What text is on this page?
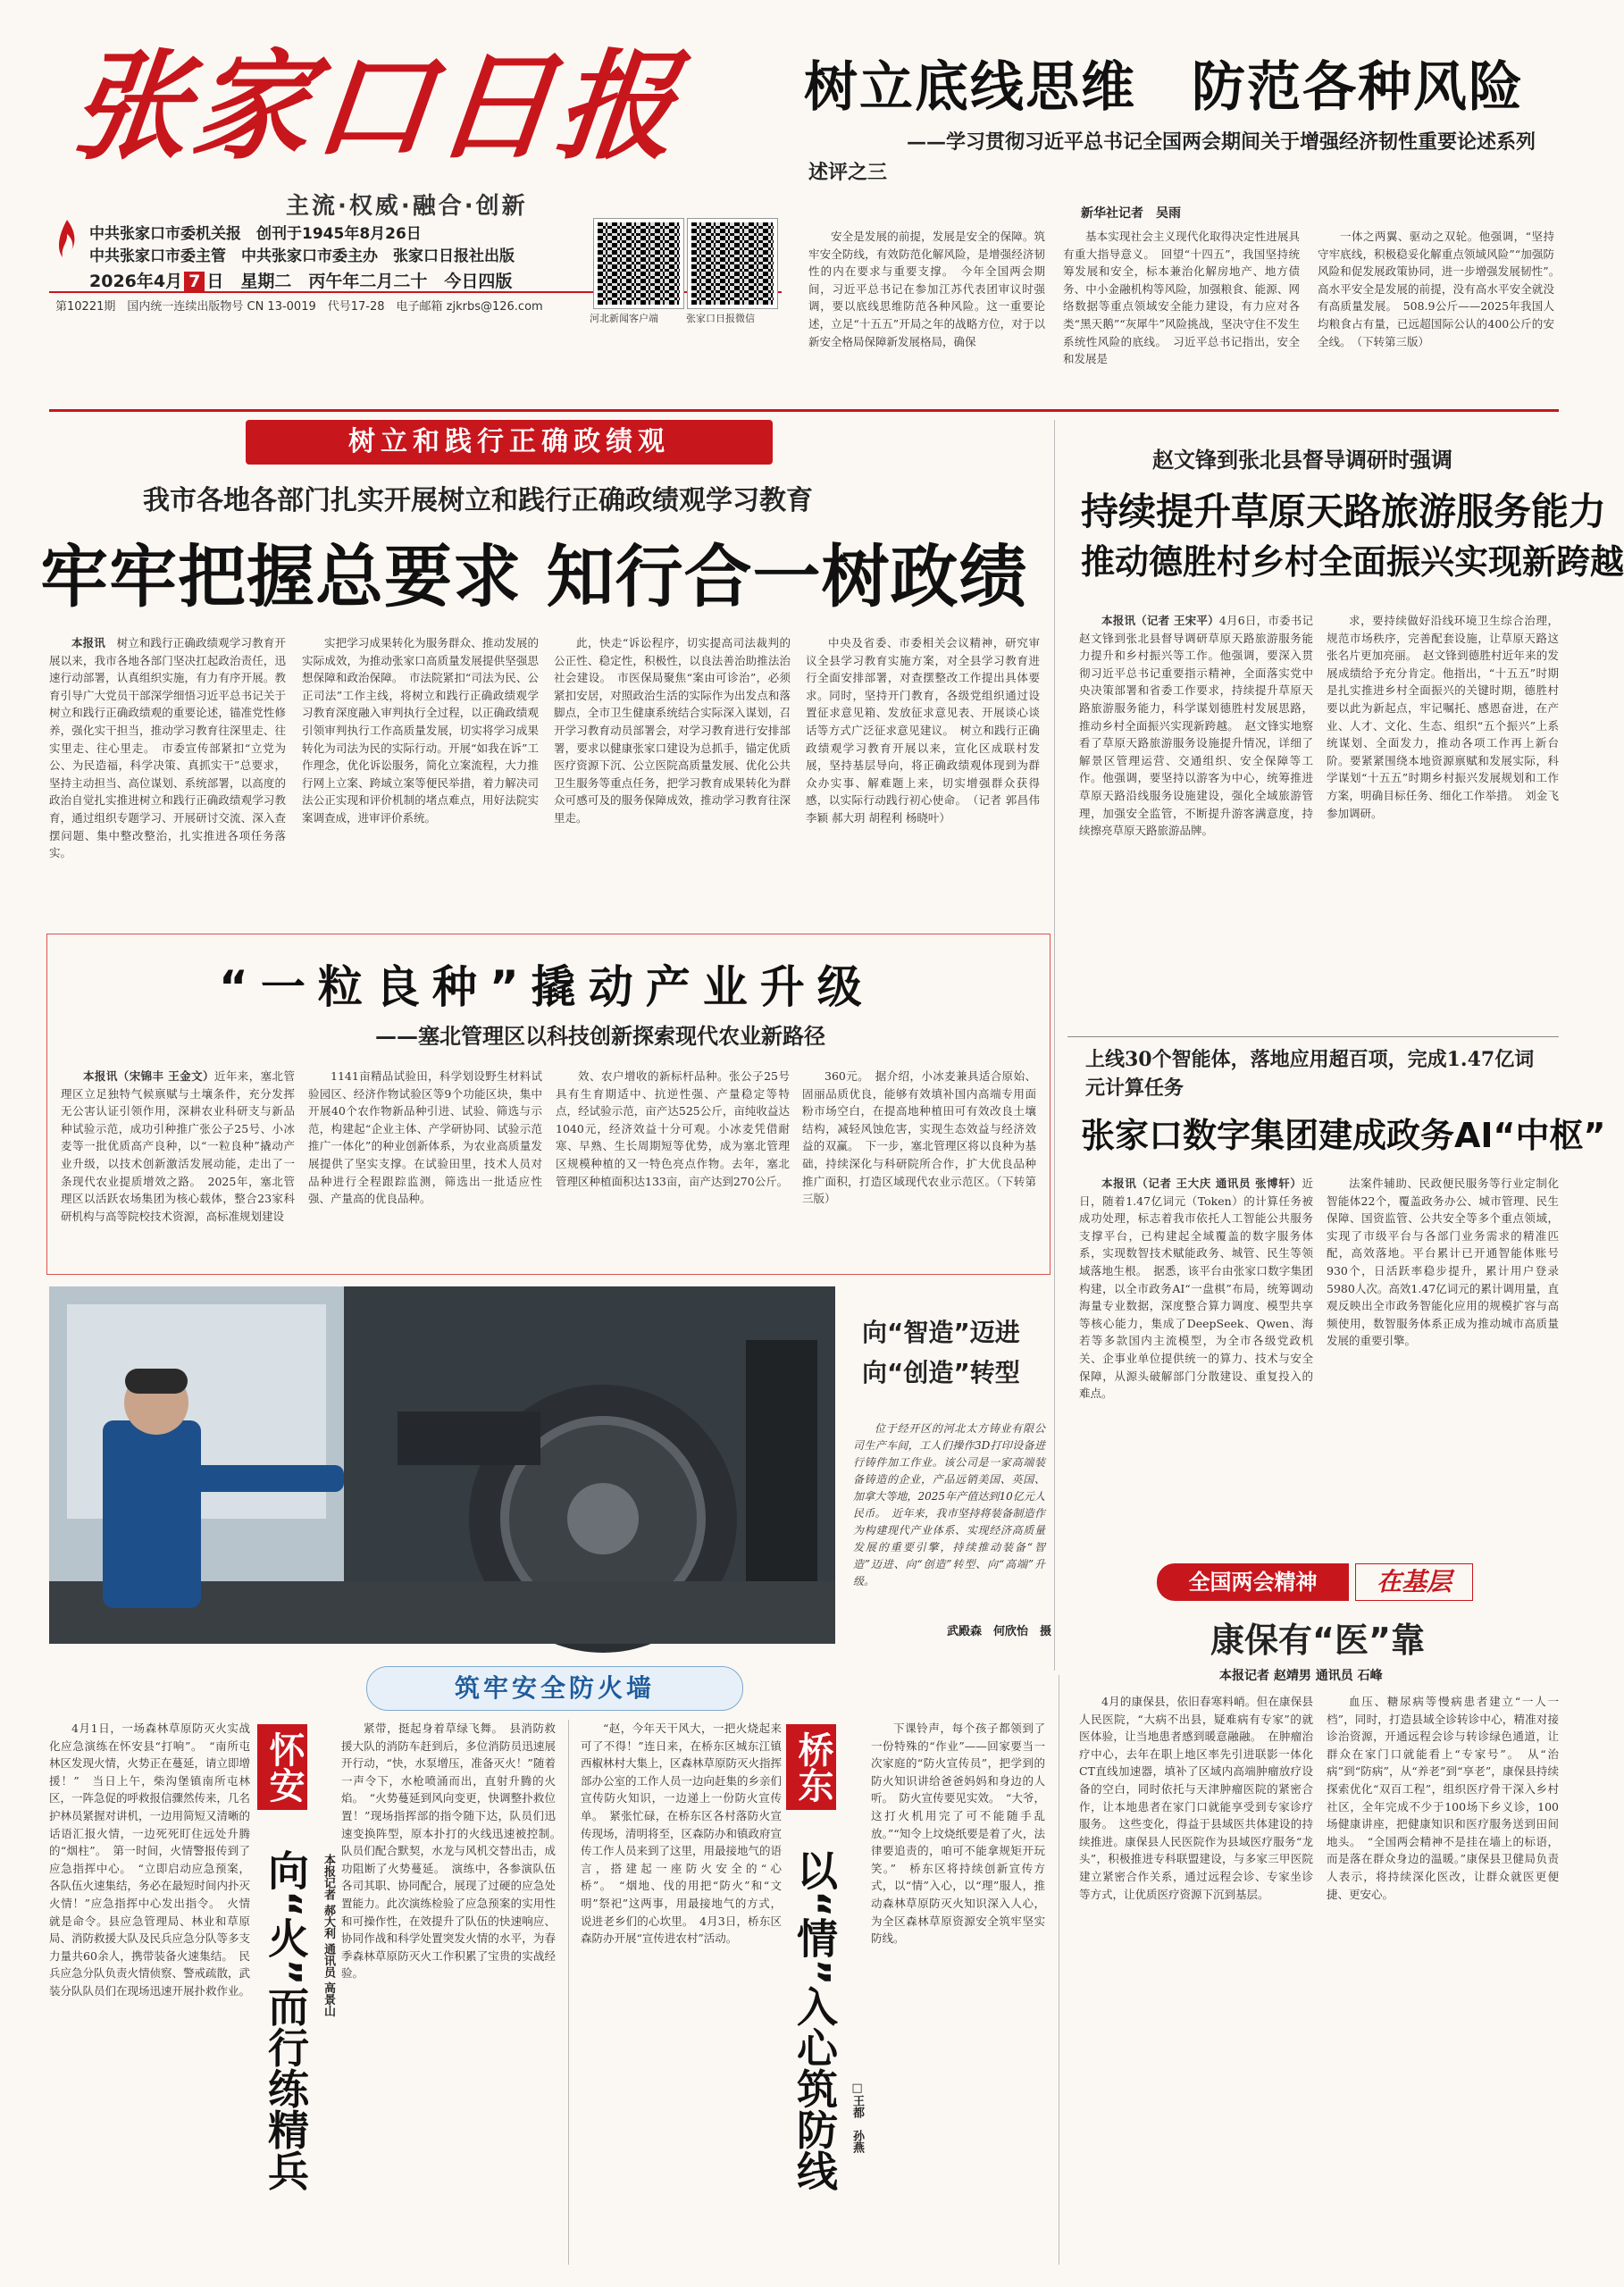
张家口日报
主流·权威·融合·创新
中共张家口市委机关报　创刊于1945年8月26日
中共张家口市委主管　中共张家口市委主办　张家口日报社出版
2026年4月 7 日　星期二　丙午年二月二十　今日四版
第10221期　国内统一连续出版物号 CN 13-0019　代号17-28　电子邮箱 zjkrbs@126.com
河北新闻客户端	张家口日报微信
树立底线思维　防范各种风险
——学习贯彻习近平总书记全国两会期间关于增强经济韧性重要论述系列述评之三
新华社记者　吴雨
安全是发展的前提，发展是安全的保障。筑牢安全防线，有效防范化解风险，是增强经济韧性的内在要求与重要支撑。　今年全国两会期间，习近平总书记在参加江苏代表团审议时强调，要以底线思维防范各种风险。这一重要论述，立足“十五五”开局之年的战略方位，对于以新安全格局保障新发展格局，确保
基本实现社会主义现代化取得决定性进展具有重大指导意义。　回望“十四五”，我国坚持统筹发展和安全，标本兼治化解房地产、地方债务、中小金融机构等风险，加强粮食、能源、网络数据等重点领域安全能力建设，有力应对各类“黑天鹅”“灰犀牛”风险挑战，坚决守住不发生系统性风险的底线。　习近平总书记指出，安全和发展是
一体之两翼、驱动之双轮。他强调，“坚持守牢底线，积极稳妥化解重点领域风险”“加强防风险和促发展政策协同，进一步增强发展韧性”。　高水平安全是发展的前提，没有高水平安全就没有高质量发展。　508.9公斤——2025年我国人均粮食占有量，已远超国际公认的400公斤的安全线。　（下转第三版）
树立和践行正确政绩观
我市各地各部门扎实开展树立和践行正确政绩观学习教育
牢牢把握总要求 知行合一树政绩
本报讯　 树立和践行正确政绩观学习教育开展以来，我市各地各部门坚决扛起政治责任，迅速行动部署，认真组织实施，有力有序开展。教育引导广大党员干部深学细悟习近平总书记关于树立和践行正确政绩观的重要论述，锚准党性修养，强化实干担当，推动学习教育往深里走、往实里走、往心里走。　市委宣传部紧扣“立党为公、为民造福，科学决策、真抓实干”总要求，坚持主动担当、高位谋划、系统部署，以高度的政治自觉扎实推进树立和践行正确政绩观学习教育，通过组织专题学习、开展研讨交流、深入查摆问题、集中整改整治，扎实推进各项任务落实。
实把学习成果转化为服务群众、推动发展的实际成效，为推动张家口高质量发展提供坚强思想保障和政治保障。　市法院紧扣“司法为民、公正司法”工作主线，将树立和践行正确政绩观学习教育深度融入审判执行全过程，以正确政绩观引领审判执行工作高质量发展，切实将学习成果转化为司法为民的实际行动。开展“如我在诉”工作理念，优化诉讼服务，简化立案流程，大力推行网上立案、跨域立案等便民举措，着力解决司法公正实现和评价机制的堵点难点，用好法院实案调查成，进审评价系统。
此，快走“诉讼程序，切实提高司法裁判的公正性、稳定性，积极性，以良法善治助推法治社会建设。　市医保局聚焦“案由可诊治”，必须紧扣安居，对照政治生活的实际作为出发点和落脚点，全市卫生健康系统结合实际深入谋划，召开学习教育动员部署会，对学习教育进行安排部署，要求以健康张家口建设为总抓手，锚定优质医疗资源下沉、公立医院高质量发展、优化公共卫生服务等重点任务，把学习教育成果转化为群众可感可及的服务保障成效，推动学习教育往深里走。
中央及省委、市委相关会议精神，研究审议全县学习教育实施方案，对全县学习教育进行全面安排部署，对查摆整改工作提出具体要求。同时，坚持开门教育，各级党组织通过设置征求意见箱、发放征求意见表、开展谈心谈话等方式广泛征求意见建议。　树立和践行正确政绩观学习教育开展以来，宣化区成联村发展，坚持基层导向，将正确政绩观体现到为群众办实事、解难题上来，切实增强群众获得感，以实际行动践行初心使命。　（记者 郭昌伟 李颖 郝大玥 胡程利 杨晓叶）
赵文锋到张北县督导调研时强调
持续提升草原天路旅游服务能力
推动德胜村乡村全面振兴实现新跨越
本报讯（记者 王宋平）4月6日，市委书记赵文锋到张北县督导调研草原天路旅游服务能力提升和乡村振兴等工作。他强调，要深入贯彻习近平总书记重要指示精神，全面落实党中央决策部署和省委工作要求，持续提升草原天路旅游服务能力，科学谋划德胜村发展思路，推动乡村全面振兴实现新跨越。　赵文锋实地察看了草原天路旅游服务设施提升情况，详细了解景区管理运营、交通组织、安全保障等工作。他强调，要坚持以游客为中心，统筹推进草原天路沿线服务设施建设，强化全域旅游管理，加强安全监管，不断提升游客满意度，持续擦亮草原天路旅游品牌。
求，要持续做好沿线环境卫生综合治理，规范市场秩序，完善配套设施，让草原天路这张名片更加亮丽。　赵文锋到德胜村近年来的发展成绩给予充分肯定。他指出，“十五五”时期是扎实推进乡村全面振兴的关键时期，德胜村要以此为新起点，牢记嘱托、感恩奋进，在产业、人才、文化、生态、组织“五个振兴”上系统谋划、全面发力，推动各项工作再上新台阶。要紧紧围绕本地资源禀赋和发展实际，科学谋划“十五五”时期乡村振兴发展规划和工作方案，明确目标任务、细化工作举措。　刘金飞参加调研。
上线30个智能体，落地应用超百项，完成1.47亿词元计算任务
张家口数字集团建成政务AI“中枢”
本报讯（记者 王大庆 通讯员 张博轩）近日，随着1.47亿词元（Token）的计算任务被成功处理，标志着我市依托人工智能公共服务支撑平台，已构建起全域覆盖的数字服务体系，实现数智技术赋能政务、城管、民生等领域落地生根。　据悉，该平台由张家口数字集团构建，以全市政务AI“一盘棋”布局，统筹调动海量专业数据，深度整合算力调度、模型共享等核心能力，集成了DeepSeek、Qwen、海若等多款国内主流模型，为全市各级党政机关、企事业单位提供统一的算力、技术与安全保障，从源头破解部门分散建设、重复投入的难点。
法案件辅助、民政便民服务等行业定制化智能体22个，覆盖政务办公、城市管理、民生保障、国资监管、公共安全等多个重点领域，实现了市级平台与各部门业务需求的精准匹配，高效落地。平台累计已开通智能体账号930个，日活跃率稳步提升，累计用户登录5980人次。高效1.47亿词元的累计调用量，直观反映出全市政务智能化应用的规模扩容与高频使用，数智服务体系正成为推动城市高质量发展的重要引擎。
“一粒良种”撬动产业升级
——塞北管理区以科技创新探索现代农业新路径
本报讯（宋锦丰 王金文）近年来，塞北管理区立足独特气候禀赋与土壤条件，充分发挥无公害认证引领作用，深耕农业科研支与新品种试验示范，成功引种推广张公子25号、小冰麦等一批优质高产良种，以“一粒良种”撬动产业升级，以技术创新激活发展动能，走出了一条现代农业提质增效之路。　2025年，塞北管理区以活跃农场集团为核心载体，整合23家科研机构与高等院校技术资源，高标准规划建设
1141亩精品试验田，科学划设野生材料试验园区、经济作物试验区等9个功能区块，集中开展40个农作物新品种引进、试验、筛选与示范，构建起“企业主体、产学研协同、试验示范推广一体化”的种业创新体系，为农业高质量发展提供了坚实支撑。在试验田里，技术人员对品种进行全程跟踪监测，筛选出一批适应性强、产量高的优良品种。
效、农户增收的新标杆品种。张公子25号具有生育期适中、抗逆性强、产量稳定等特点，经试验示范，亩产达525公斤，亩纯收益达1040元，经济效益十分可观。小冰麦凭借耐寒、早熟、生长周期短等优势，成为塞北管理区规模种植的又一特色亮点作物。去年，塞北管理区种植面积达133亩，亩产达到270公斤。
360元。　据介绍，小冰麦兼具适合原始、固丽品质优良，能够有效填补国内高端专用面粉市场空白，在提高地种植田可有效改良土壤结构，减轻风蚀危害，实现生态效益与经济效益的双赢。　下一步，塞北管理区将以良种为基础，持续深化与科研院所合作，扩大优良品种推广面积，打造区域现代农业示范区。（下转第三版）
向“智造”迈进
向“创造”转型
位于经开区的河北太方铸业有限公司生产车间，工人们操作3D打印设备进行铸件加工作业。该公司是一家高端装备铸造的企业，产品远销美国、英国、加拿大等地，2025年产值达到10亿元人民币。　近年来，我市坚持将装备制造作为构建现代产业体系、实现经济高质量发展的重要引擎，持续推动装备“智造”迈进、向“创造”转型、向“高端”升级。
武殿森　何欣怡　摄
全国两会精神	在基层
康保有“医”靠
本报记者 赵靖男 通讯员 石峰
4月的康保县，依旧春寒料峭。但在康保县人民医院，“大病不出县，疑难病有专家”的就医体验，让当地患者感到暖意融融。　在肿瘤治疗中心，去年在职上地区率先引进联影一体化CT直线加速器，填补了区域内高端肿瘤放疗设备的空白，同时依托与天津肿瘤医院的紧密合作，让本地患者在家门口就能享受到专家诊疗服务。　这些变化，得益于县域医共体建设的持续推进。康保县人民医院作为县域医疗服务“龙头”，积极推进专科联盟建设，与多家三甲医院建立紧密合作关系，通过远程会诊、专家坐诊等方式，让优质医疗资源下沉到基层。
血压、糖尿病等慢病患者建立“一人一档”，同时，打造县域全诊转诊中心，精准对接诊治资源，开通远程会诊与转诊绿色通道，让群众在家门口就能看上“专家号”。　从“治病”到“防病”，从“养老”到“享老”，康保县持续探索优化“双百工程”，组织医疗骨干深入乡村社区，全年完成不少于100场下乡义诊，100场健康讲座，把健康知识和医疗服务送到田间地头。　“全国两会精神不是挂在墙上的标语，而是落在群众身边的温暖。”康保县卫健局负责人表示，将持续深化医改，让群众就医更便捷、更安心。
筑牢安全防火墙
4月1日，一场森林草原防灭火实战化应急演练在怀安县“打响”。　“南所屯林区发现火情，火势正在蔓延，请立即增援！”　当日上午，柴沟堡镇南所屯林区，一阵急促的呼救报信骤然传来，几名护林员紧握对讲机，一边用简短又清晰的话语汇报火情，一边死死盯住远处升腾的“烟柱”。　第一时间，火情警报传到了应急指挥中心。　“立即启动应急预案，各队伍火速集结，务必在最短时间内扑灭火情！”应急指挥中心发出指令。　火情就是命令。县应急管理局、林业和草原局、消防救援大队及民兵应急分队等多支力量共60余人，携带装备火速集结。　民兵应急分队负责火情侦察、警戒疏散，武装分队队员们在现场迅速开展扑救作业。
怀安
向“火”而行练精兵 本报记者 郝大利 通讯员 高景山
紧带，挺起身着草绿飞舞。　县消防救援大队的消防车赶到后，多位消防员迅速展开行动，“快，水泵增压，准备灭火！”随着一声令下，水枪喷涌而出，直射升腾的火焰。　“火势蔓延到风向变更，快调整扑救位置！”现场指挥部的指令随下达，队员们迅速变换阵型，原本扑打的火线迅速被控制。　队员们配合默契，水龙与风机交替出击，成功阻断了火势蔓延。　演练中，各参演队伍各司其职、协同配合，展现了过硬的应急处置能力。此次演练检验了应急预案的实用性和可操作性，在效提升了队伍的快速响应、协同作战和科学处置突发火情的水平，为春季森林草原防灭火工作积累了宝贵的实战经验。
“赵，今年天干风大，一把火烧起来可了不得！”连日来，在桥东区城东江镇西椒林村大集上，区森林草原防灭火指挥部办公室的工作人员一边向赶集的乡亲们宣传防火知识，一边递上一份防火宣传单。　紧张忙碌，在桥东区各村落防火宣传现场，清明将至，区森防办和镇政府宣传工作人员来到了这里，用最接地气的语言，搭建起一座防火安全的“心桥”。　“烟地、伐的用把“防火”和“文明”祭祀”这两事，用最接地气的方式，说进老乡们的心坎里。　4月3日，桥东区森防办开展“宣传进农村”活动。
桥东
以“情”入心筑防线 □王都　孙燕
下课铃声，每个孩子都领到了一份特殊的“作业”——回家要当一次家庭的“防火宣传员”，把学到的防火知识讲给爸爸妈妈和身边的人听。　防火宣传要见实效。　“大爷，这打火机用完了可不能随手乱放。”“知令上坟烧纸要是着了火，法律要追责的，咱可不能拿规矩开玩笑。”　桥东区将持续创新宣传方式，以“情”入心，以“理”服人，推动森林草原防灭火知识深入人心，为全区森林草原资源安全筑牢坚实防线。
